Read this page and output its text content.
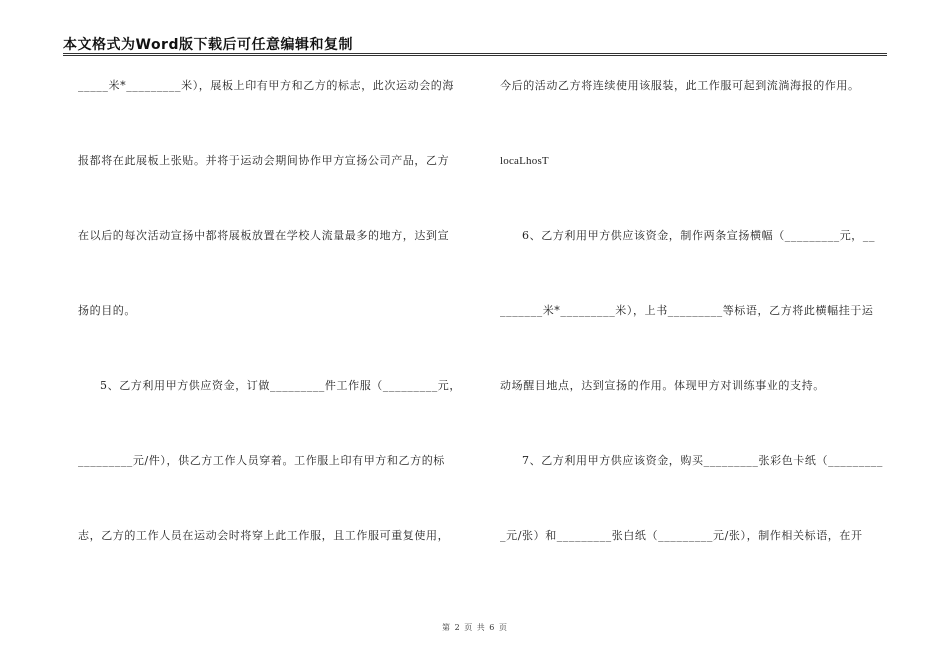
本文格式为Word版下载后可任意编辑和复制
_____米*_________米），展板上印有甲方和乙方的标志，此次运动会的海
报都将在此展板上张贴。并将于运动会期间协作甲方宣扬公司产品，乙方
在以后的每次活动宣扬中都将展板放置在学校人流量最多的地方，达到宣
扬的目的。
5、乙方利用甲方供应资金，订做_________件工作服（_________元，
_________元/件），供乙方工作人员穿着。工作服上印有甲方和乙方的标
志，乙方的工作人员在运动会时将穿上此工作服，且工作服可重复使用，
今后的活动乙方将连续使用该服装，此工作服可起到流淌海报的作用。
locaLhosT
6、乙方利用甲方供应该资金，制作两条宣扬横幅（_________元，__
_______米*_________米），上书_________等标语，乙方将此横幅挂于运
动场醒目地点，达到宣扬的作用。体现甲方对训练事业的支持。
7、乙方利用甲方供应该资金，购买_________张彩色卡纸（_________
_元/张）和_________张白纸（_________元/张），制作相关标语，在开
第 2 页 共 6 页
